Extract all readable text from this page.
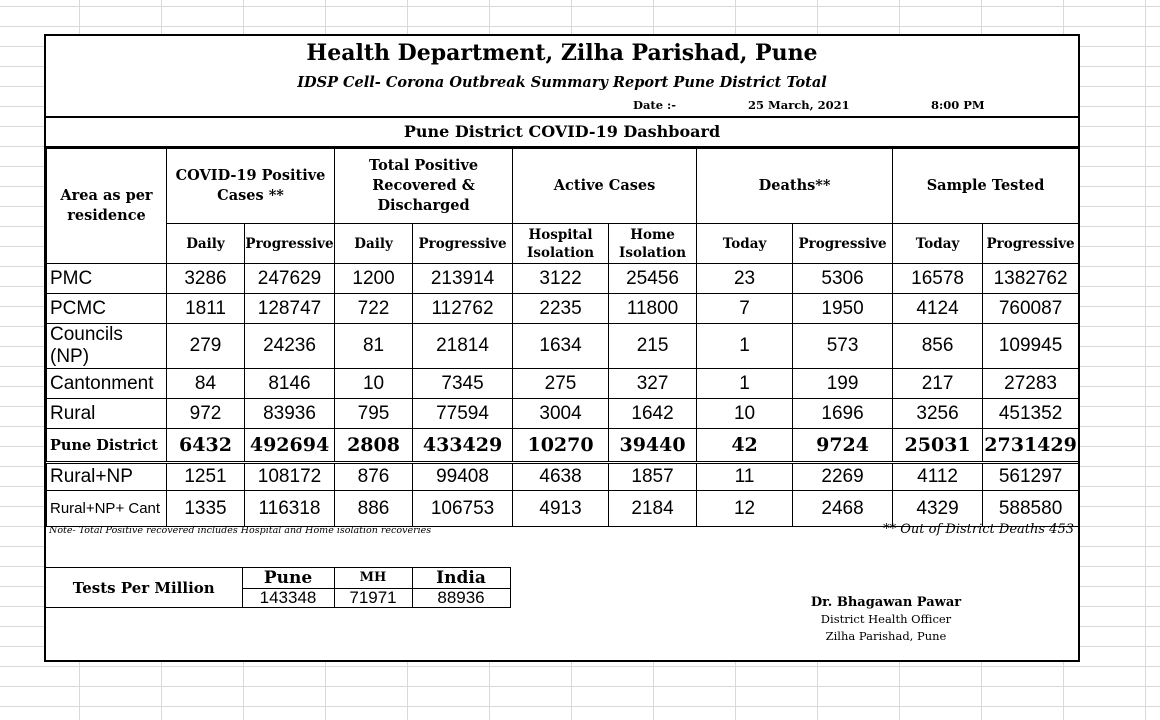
Health Department, Zilha Parishad, Pune
IDSP Cell- Corona Outbreak Summary Report Pune District Total
Date :-	25 March, 2021	8:00 PM
Pune District COVID-19 Dashboard
Area as per residence	COVID-19 Positive Cases **		Total Positive Recovered & Discharged		Active Cases		Deaths**		Sample Tested	
	Daily	Progressive	Daily	Progressive	Hospital Isolation	Home Isolation	Today	Progressive	Today	Progressive
PMC	3286	247629	1200	213914	3122	25456	23	5306	16578	1382762
PCMC	1811	128747	722	112762	2235	11800	7	1950	4124	760087
Councils (NP)	279	24236	81	21814	1634	215	1	573	856	109945
Cantonment	84	8146	10	7345	275	327	1	199	217	27283
Rural	972	83936	795	77594	3004	1642	10	1696	3256	451352
Pune District	6432	492694	2808	433429	10270	39440	42	9724	25031	2731429
Rural+NP	1251	108172	876	99408	4638	1857	11	2269	4112	561297
Rural+NP+ Cant	1335	116318	886	106753	4913	2184	12	2468	4329	588580
Note- Total Positive recovered includes Hospital and Home isolation recoveries	** Out of District Deaths 453
Tests Per Million	Pune	MH	India
	143348	71971	88936	Dr. Bhagawan Pawar
District Health Officer
Zilha Parishad, Pune
